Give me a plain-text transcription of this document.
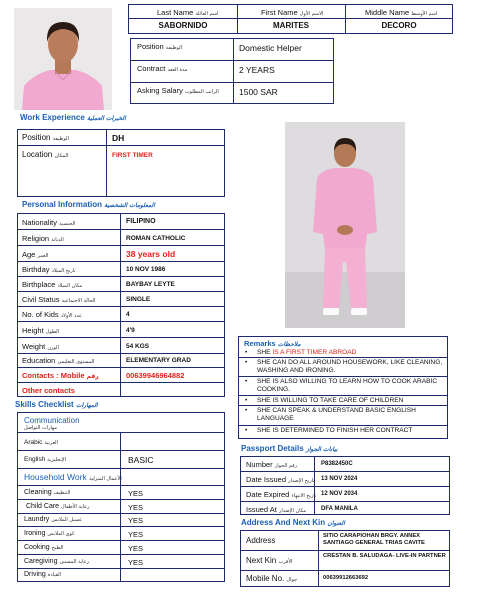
Last Name اسم العائلة	First Name الاسم الأول	Middle Name اسم الأوسط
SABORNIDO	MARITES	DECORO
Position الوظيفة	Domestic Helper
Contract مدة العقد	2 YEARS
Asking Salary الراتب المطلوب 1500 SAR
Work Experience الخبرات العملية
Position الوظيفة	DH
Location المكان	FIRST TIMER
Personal Information المعلومات الشخصية
Nationality الجنسية	FILIPINO
Religion الديانة	ROMAN CATHOLIC
Age العمر	38 years old
Birthday تاريخ الميلاد	10 NOV 1986
Birthplace مكان الميلاد	BAYBAY LEYTE
Civil Status الحالة الاجتماعية	SINGLE
No. of Kids عدد الأولاد	4
Height الطول	4'9
Weight الوزن	54 KGS
Education المستوى التعليمي	ELEMENTARY GRAD
Contacts : Mobile رقم	00639946964882
Other contacts
Skills Checklist المهارات
Communication
مهارات التواصل
Arabic العربية
English الإنجليزية	BASIC
Household Work الأعمال المنزلية
Cleaning التنظيف	YES
Child Care رعاية الأطفال	YES
Laundry غسيل الملابس	YES
Ironing كوي الملابس	YES
Cooking الطبخ	YES
Caregiving رعاية المسنين	YES
Driving القيادة
Remarks ملاحظات
• SHE IS A FIRST TIMER ABROAD
• SHE CAN DO ALL AROUND HOUSEWORK, LIKE CLEANING, WASHING AND IRONING.
• SHE IS ALSO WILLING TO LEARN HOW TO COOK ARABIC COOKING.
• SHE IS WILLING TO TAKE CARE OF CHILDREN
• SHE CAN SPEAK & UNDERSTAND BASIC ENGLISH LANGUAGE
• SHE IS DETERMINED TO FINISH HER CONTRACT
Passport Details بيانات الجواز
Number رقم الجواز	P8382450C
Date Issued تاريخ الإصدار 13 NOV 2024
Date Expired تاريخ الانتهاء 12 NOV 2034
Issued At مكان الإصدار DFA MANILA
Address And Next Kin العنوان
Address	SITIO CARAPIOHAN BRGY. ANNEX SANTIAGO GENERAL TRIAS CAVITE
Next Kin الأقرب
CRESTAN B. SALUDAGA- LIVE-IN PARTNER
Mobile No. جوال	00639912663692
